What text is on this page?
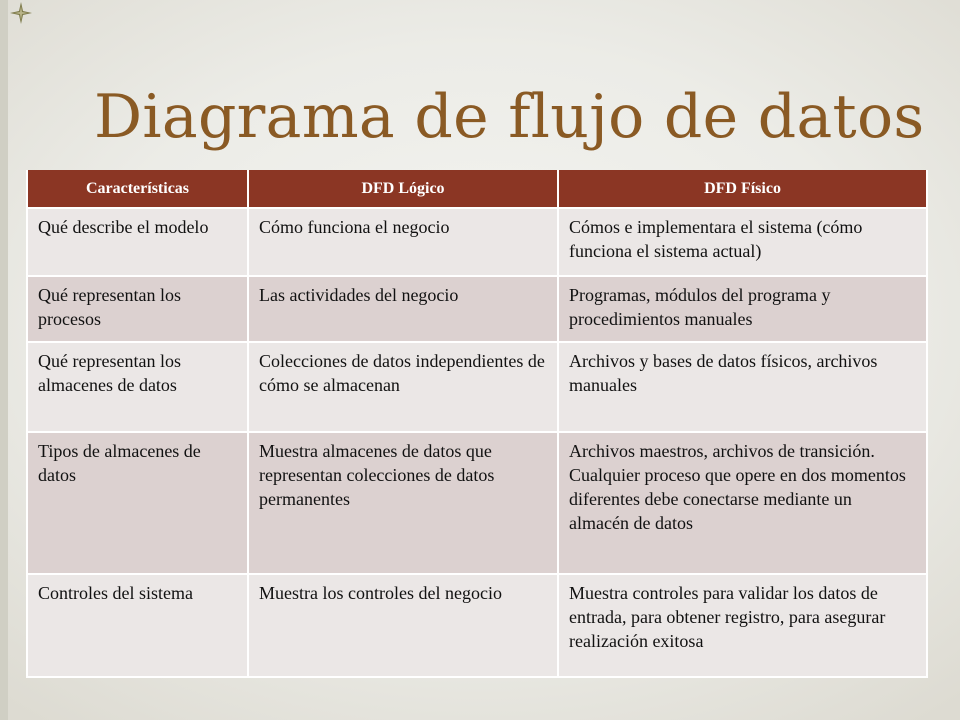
Diagrama de flujo de datos
Características	DFD Lógico	DFD Físico
Qué describe el modelo	Cómo funciona el negocio	Cómos e implementara el sistema (cómo funciona el sistema actual)
Qué representan los procesos	Las actividades del negocio	Programas, módulos del programa y procedimientos manuales
Qué representan los almacenes de datos	Colecciones de datos independientes de cómo se almacenan	Archivos y bases de datos físicos, archivos manuales
Tipos de almacenes de datos	Muestra almacenes de datos que representan colecciones de datos permanentes	Archivos maestros, archivos de transición. Cualquier proceso que opere en dos momentos diferentes debe conectarse mediante un almacén de datos
Controles del sistema	Muestra los controles del negocio	Muestra controles para validar los datos de entrada, para obtener registro, para asegurar realización exitosa
